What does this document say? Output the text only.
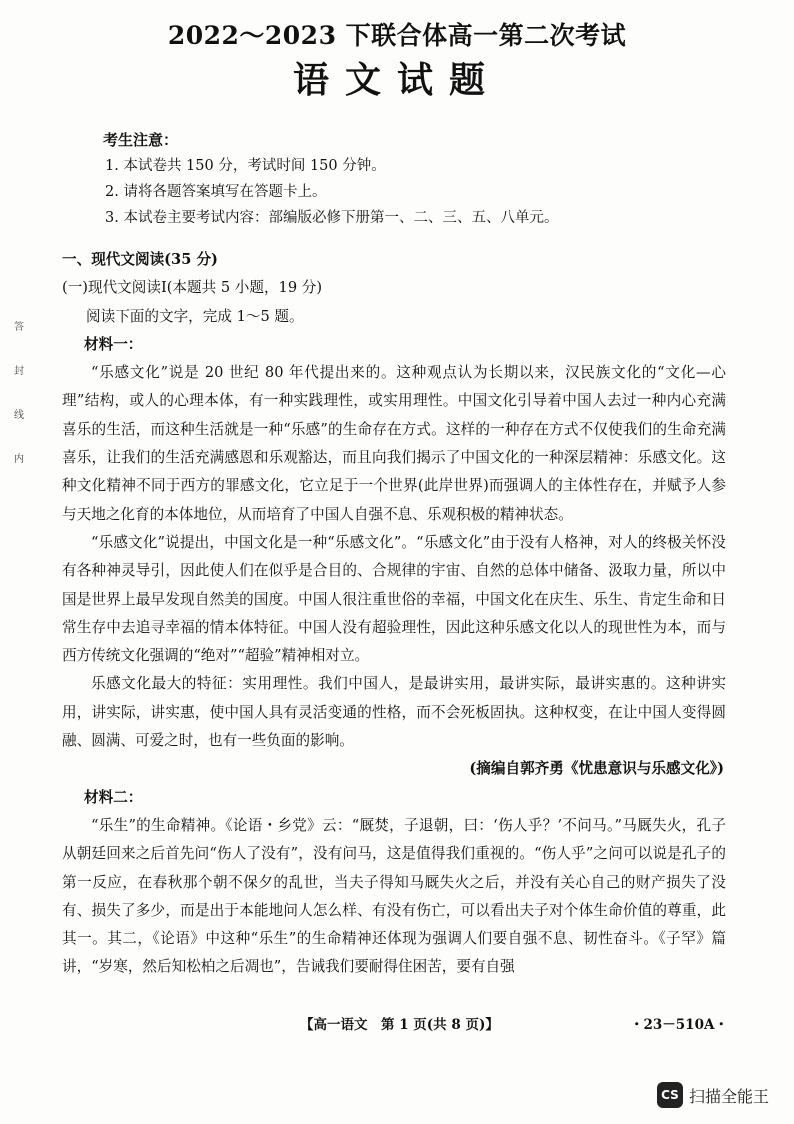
2022～2023 下联合体高一第二次考试
语文试题
考生注意：
1. 本试卷共 150 分，考试时间 150 分钟。
2. 请将各题答案填写在答题卡上。
3. 本试卷主要考试内容：部编版必修下册第一、二、三、五、八单元。
答
封
线
内
一、现代文阅读(35 分)
(一)现代文阅读Ⅰ(本题共 5 小题，19 分)
阅读下面的文字，完成 1～5 题。
材料一：

“乐感文化”说是 20 世纪 80 年代提出来的。这种观点认为长期以来，汉民族文化的“文化—心理”结构，或人的心理本体，有一种实践理性，或实用理性。中国文化引导着中国人去过一种内心充满喜乐的生活，而这种生活就是一种“乐感”的生命存在方式。这样的一种存在方式不仅使我们的生命充满喜乐，让我们的生活充满感恩和乐观豁达，而且向我们揭示了中国文化的一种深层精神：乐感文化。这种文化精神不同于西方的罪感文化，它立足于一个世界(此岸世界)而强调人的主体性存在，并赋予人参与天地之化育的本体地位，从而培育了中国人自强不息、乐观积极的精神状态。

“乐感文化”说提出，中国文化是一种“乐感文化”。“乐感文化”由于没有人格神，对人的终极关怀没有各种神灵导引，因此使人们在似乎是合目的、合规律的宇宙、自然的总体中储备、汲取力量，所以中国是世界上最早发现自然美的国度。中国人很注重世俗的幸福，中国文化在庆生、乐生、肯定生命和日常生存中去追寻幸福的情本体特征。中国人没有超验理性，因此这种乐感文化以人的现世性为本，而与西方传统文化强调的“绝对”“超验”精神相对立。

乐感文化最大的特征：实用理性。我们中国人，是最讲实用，最讲实际，最讲实惠的。这种讲实用，讲实际，讲实惠，使中国人具有灵活变通的性格，而不会死板固执。这种权变，在让中国人变得圆融、圆满、可爱之时，也有一些负面的影响。

(摘编自郭齐勇《忧患意识与乐感文化》)
材料二：

“乐生”的生命精神。《论语・乡党》云：“厩焚，子退朝，曰：‘伤人乎？’不问马。”马厩失火，孔子从朝廷回来之后首先问“伤人了没有”，没有问马，这是值得我们重视的。“伤人乎”之问可以说是孔子的第一反应，在春秋那个朝不保夕的乱世，当夫子得知马厩失火之后，并没有关心自己的财产损失了没有、损失了多少，而是出于本能地问人怎么样、有没有伤亡，可以看出夫子对个体生命价值的尊重，此其一。其二，《论语》中这种“乐生”的生命精神还体现为强调人们要自强不息、韧性奋斗。《子罕》篇讲，“岁寒，然后知松柏之后凋也”，告诫我们要耐得住困苦，要有自强

【高一语文　第 1 页(共 8 页)】	・23－510A・
CS 扫描全能王
